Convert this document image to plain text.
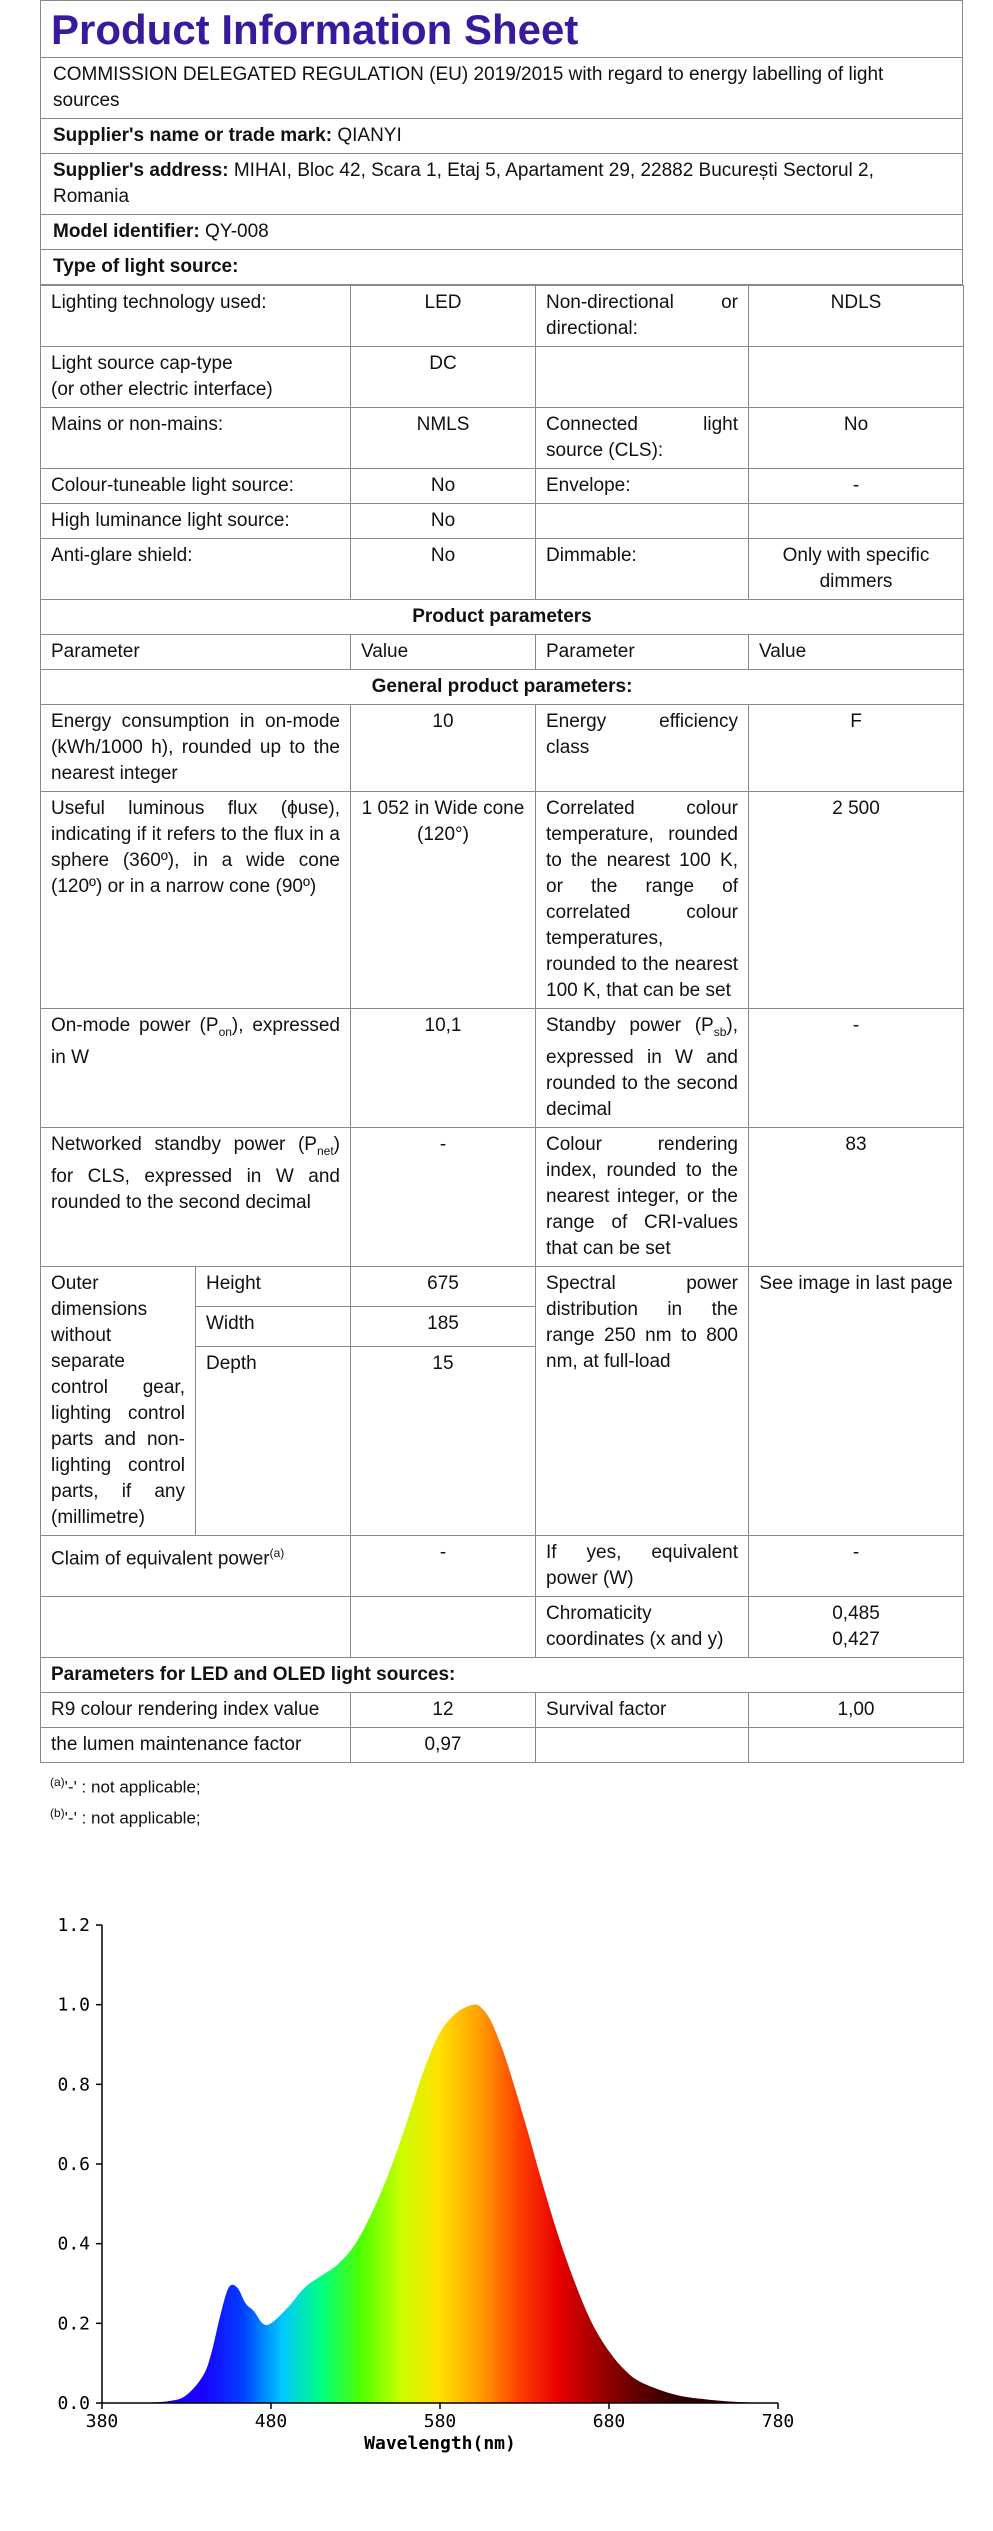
Product Information Sheet
COMMISSION DELEGATED REGULATION (EU) 2019/2015 with regard to energy labelling of light sources
Supplier's name or trade mark: QIANYI
Supplier's address: MIHAI, Bloc 42, Scara 1, Etaj 5, Apartament 29, 22882 București Sectorul 2, Romania
Model identifier: QY-008
Type of light source:
Lighting technology used:		LED	Non-directional or directional:	NDLS

Light source cap-type
(or other electric interface)		DC		
Mains or non-mains:		NMLS	Connected light source (CLS):	No
Colour-tuneable light source:		No	Envelope:	-
High luminance light source:		No		
Anti-glare shield:		No	Dimmable:	Only with specific dimmers
Product parameters				
Parameter		Value	Parameter	Value
General product parameters:				
Energy consumption in on-mode (kWh/1000 h), rounded up to the nearest integer		10	Energy efficiency class	F
Useful luminous flux (ϕuse), indicating if it refers to the flux in a sphere (360º), in a wide cone (120º) or in a narrow cone (90º)		1 052 in Wide cone (120°)	Correlated colour temperature, rounded to the nearest 100 K, or the range of correlated colour temperatures, rounded to the nearest 100 K, that can be set	2 500
On-mode power $(P_{on})$, expressed in W		10,1	Standby power $(P_{sb})$, expressed in W and rounded to the second decimal	-
Networked standby power $(P_{net})$ for CLS, expressed in W and rounded to the second decimal		-	Colour rendering index, rounded to the nearest integer, or the range of CRI-values that can be set	83
Outer dimensions without separate control gear, lighting control parts and non-lighting control parts, if any (millimetre)	Height	675	Spectral power distribution in the range 250 nm to 800 nm, at full-load	See image in last page
	Width	185		
	Depth	15		
Claim of equivalent power$^{(a)}$		-	If yes, equivalent power (W)	-
			Chromaticity coordinates (x and y)	0,485
0,427

Parameters for LED and OLED light sources:				
R9 colour rendering index value		12	Survival factor	1,00
the lumen maintenance factor		0,97		
$^{(a)}$'-' : not applicable;
$^{(b)}$'-' : not applicable;
0.0
0.2
0.4
0.6
0.8
1.0
1.2
380	480	580	680	780
Wavelength(nm)
